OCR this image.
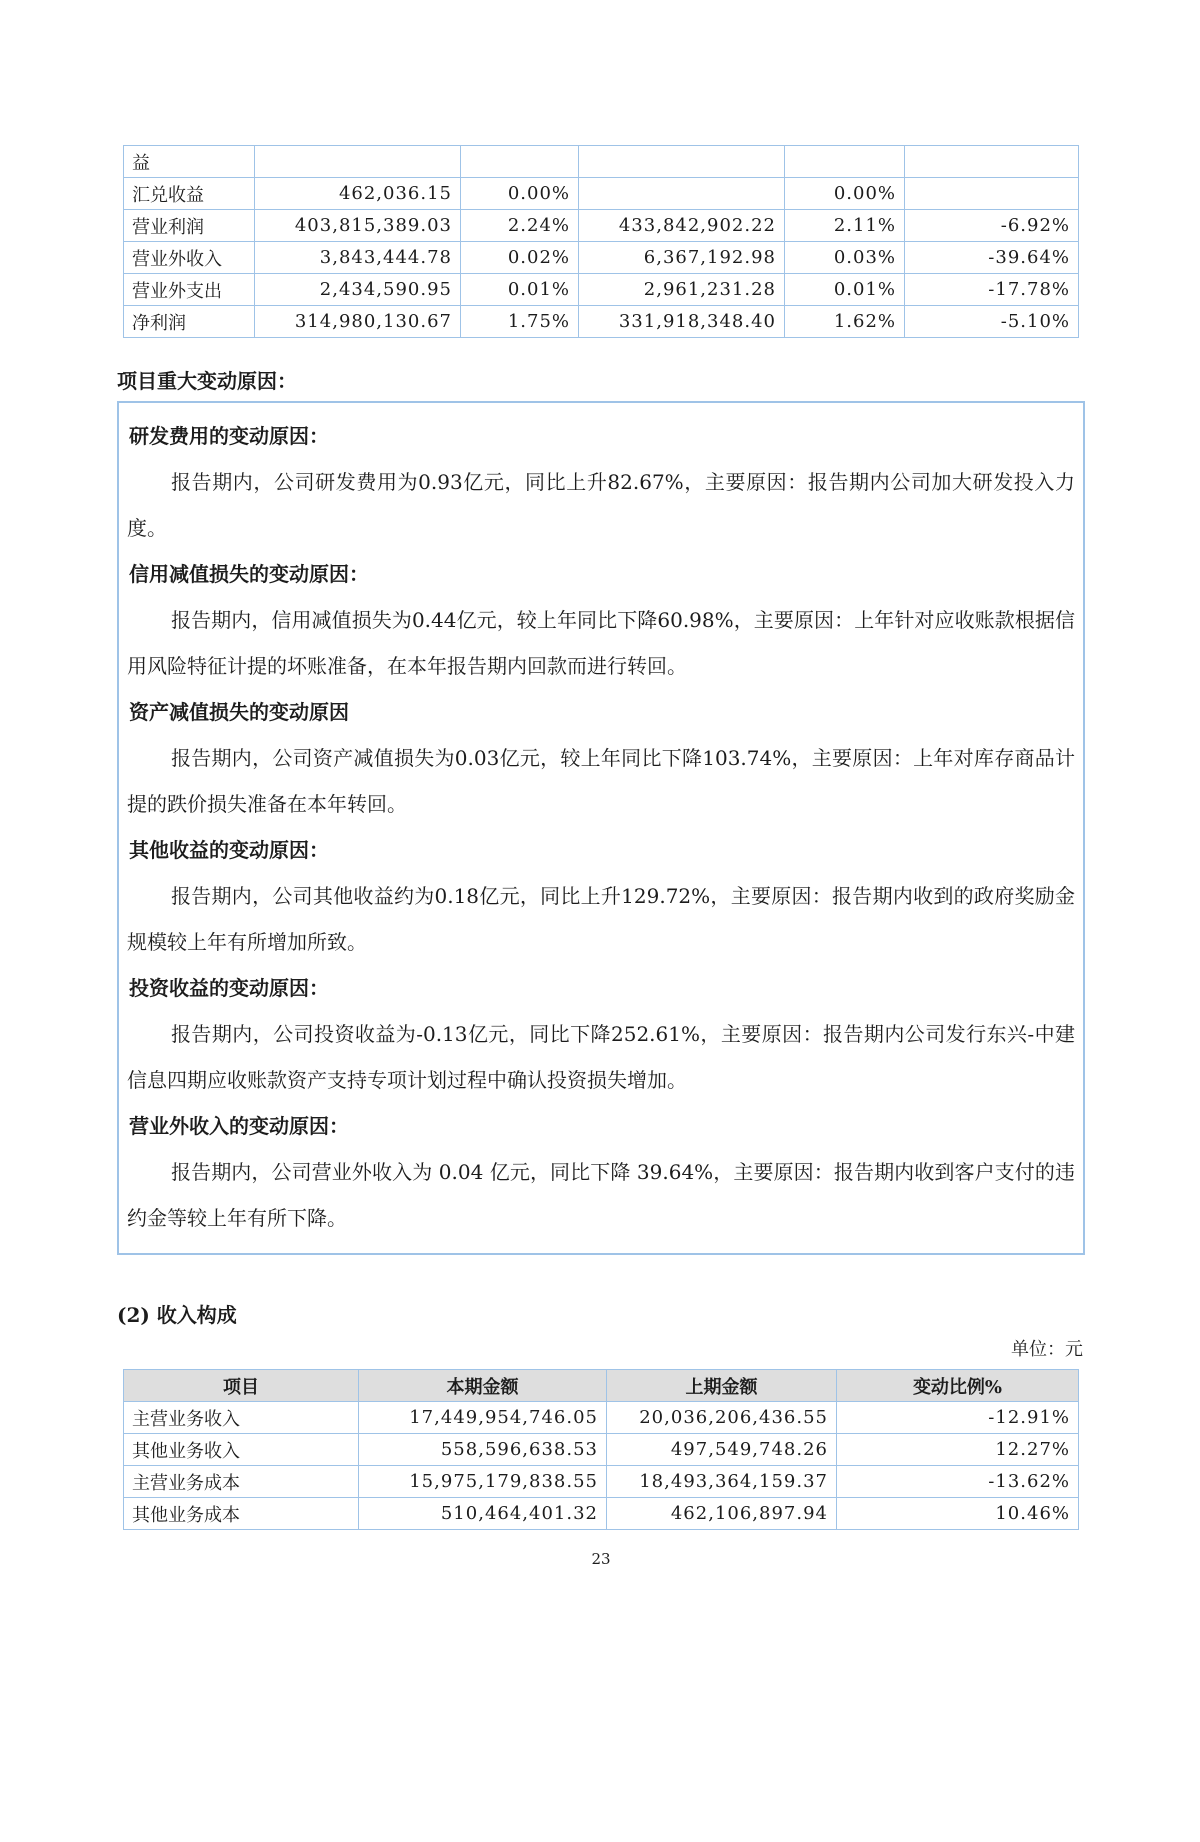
益					
汇兑收益	462,036.15	0.00%		0.00%	
营业利润	403,815,389.03	2.24%	433,842,902.22	2.11%	-6.92%
营业外收入	3,843,444.78	0.02%	6,367,192.98	0.03%	-39.64%
营业外支出	2,434,590.95	0.01%	2,961,231.28	0.01%	-17.78%
净利润	314,980,130.67	1.75%	331,918,348.40	1.62%	-5.10%
项目重大变动原因：
研发费用的变动原因：

报告期内，公司研发费用为0.93亿元，同比上升82.67%，主要原因：报告期内公司加大研发投入力度。

信用减值损失的变动原因：

报告期内，信用减值损失为0.44亿元，较上年同比下降60.98%，主要原因：上年针对应收账款根据信用风险特征计提的坏账准备，在本年报告期内回款而进行转回。

资产减值损失的变动原因

报告期内，公司资产减值损失为0.03亿元，较上年同比下降103.74%，主要原因：上年对库存商品计提的跌价损失准备在本年转回。

其他收益的变动原因：

报告期内，公司其他收益约为0.18亿元，同比上升129.72%，主要原因：报告期内收到的政府奖励金规模较上年有所增加所致。

投资收益的变动原因：

报告期内，公司投资收益为-0.13亿元，同比下降252.61%，主要原因：报告期内公司发行东兴-中建信息四期应收账款资产支持专项计划过程中确认投资损失增加。

营业外收入的变动原因：

报告期内，公司营业外收入为 0.04 亿元，同比下降 39.64%，主要原因：报告期内收到客户支付的违约金等较上年有所下降。

(2) 收入构成
单位：元
项目	本期金额	上期金额	变动比例%
主营业务收入	17,449,954,746.05	20,036,206,436.55	-12.91%
其他业务收入	558,596,638.53	497,549,748.26	12.27%
主营业务成本	15,975,179,838.55	18,493,364,159.37	-13.62%
其他业务成本	510,464,401.32	462,106,897.94	10.46%
23
